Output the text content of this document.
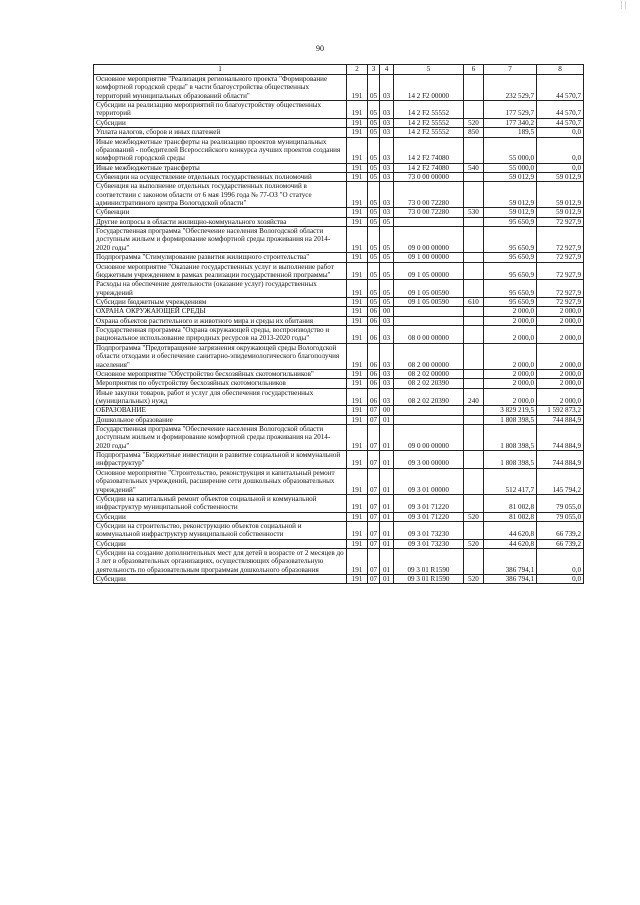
| |
90
1	2	3	4	5	6	7	8
Основное мероприятие "Реализация регионального проекта "Формирование комфортной городской среды" в части благоустройства общественных территорий муниципальных образований области"	191	05	03	14 2 F2 00000		232 529,7	44 570,7
Субсидии на реализацию мероприятий по благоустройству общественных территорий	191	05	03	14 2 F2 55552		177 529,7	44 570,7
Субсидии	191	05	03	14 2 F2 55552	520	177 340,2	44 570,7
Уплата налогов, сборов и иных платежей	191	05	03	14 2 F2 55552	850	189,5	0,0
Иные межбюджетные трансферты на реализацию проектов муниципальных образований - победителей Всероссийского конкурса лучших проектов создания комфортной городской среды	191	05	03	14 2 F2 74080		55 000,0	0,0
Иные межбюджетные трансферты	191	05	03	14 2 F2 74080	540	55 000,0	0,0
Субвенции на осуществление отдельных государственных полномочий	191	05	03	73 0 00 00000		59 012,9	59 012,9
Субвенция на выполнение отдельных государственных полномочий в соответствии с законом области от 6 мая 1996 года № 77-ОЗ "О статусе административного центра Вологодской области"	191	05	03	73 0 00 72280		59 012,9	59 012,9
Субвенции	191	05	03	73 0 00 72280	530	59 012,9	59 012,9
Другие вопросы в области жилищно-коммунального хозяйства	191	05	05			95 650,9	72 927,9
Государственная программа "Обеспечение населения Вологодской области доступным жильем и формирование комфортной среды проживания на 2014-2020 годы"	191	05	05	09 0 00 00000		95 650,9	72 927,9
Подпрограмма "Стимулирование развития жилищного строительства"	191	05	05	09 1 00 00000		95 650,9	72 927,9
Основное мероприятие "Оказание государственных услуг и выполнение работ бюджетным учреждением в рамках реализации государственной программы"	191	05	05	09 1 05 00000		95 650,9	72 927,9
Расходы на обеспечение деятельности (оказание услуг) государственных учреждений	191	05	05	09 1 05 00590		95 650,9	72 927,9
Субсидии бюджетным учреждениям	191	05	05	09 1 05 00590	610	95 650,9	72 927,9
ОХРАНА ОКРУЖАЮЩЕЙ СРЕДЫ	191	06	00			2 000,0	2 000,0
Охрана объектов растительного и животного мира и среды их обитания	191	06	03			2 000,0	2 000,0
Государственная программа "Охрана окружающей среды, воспроизводство и рациональное использование природных ресурсов на 2013-2020 годы"	191	06	03	08 0 00 00000		2 000,0	2 000,0
Подпрограмма "Предотвращение загрязнения окружающей среды Вологодской области отходами и обеспечение санитарно-эпидемиологического благополучия населения"	191	06	03	08 2 00 00000		2 000,0	2 000,0
Основное мероприятие "Обустройство бесхозяйных скотомогильников"	191	06	03	08 2 02 00000		2 000,0	2 000,0
Мероприятия по обустройству бесхозяйных скотомогильников	191	06	03	08 2 02 20390		2 000,0	2 000,0
Иные закупки товаров, работ и услуг для обеспечения государственных (муниципальных) нужд	191	06	03	08 2 02 20390	240	2 000,0	2 000,0
ОБРАЗОВАНИЕ	191	07	00			3 829 219,5	1 592 873,2
Дошкольное образование	191	07	01			1 808 398,5	744 884,9
Государственная программа "Обеспечение населения Вологодской области доступным жильем и формирование комфортной среды проживания на 2014-2020 годы"	191	07	01	09 0 00 00000		1 808 398,5	744 884,9
Подпрограмма "Бюджетные инвестиции в развитие социальной и коммунальной инфраструктур"	191	07	01	09 3 00 00000		1 808 398,5	744 884,9
Основное мероприятие "Строительство, реконструкция и капитальный ремонт образовательных учреждений, расширение сети дошкольных образовательных учреждений"	191	07	01	09 3 01 00000		512 417,7	145 794,2
Субсидии на капитальный ремонт объектов социальной и коммунальной инфраструктур муниципальной собственности	191	07	01	09 3 01 71220		81 002,8	79 055,0
Субсидии	191	07	01	09 3 01 71220	520	81 002,8	79 055,0
Субсидии на строительство, реконструкцию объектов социальной и коммунальной инфраструктур муниципальной собственности	191	07	01	09 3 01 73230		44 620,8	66 739,2
Субсидии	191	07	01	09 3 01 73230	520	44 620,8	66 739,2
Субсидии на создание дополнительных мест для детей в возрасте от 2 месяцев до 3 лет в образовательных организациях, осуществляющих образовательную деятельность по образовательным программам дошкольного образования	191	07	01	09 3 01 R1590		386 794,1	0,0
Субсидии	191	07	01	09 3 01 R1590	520	386 794,1	0,0
